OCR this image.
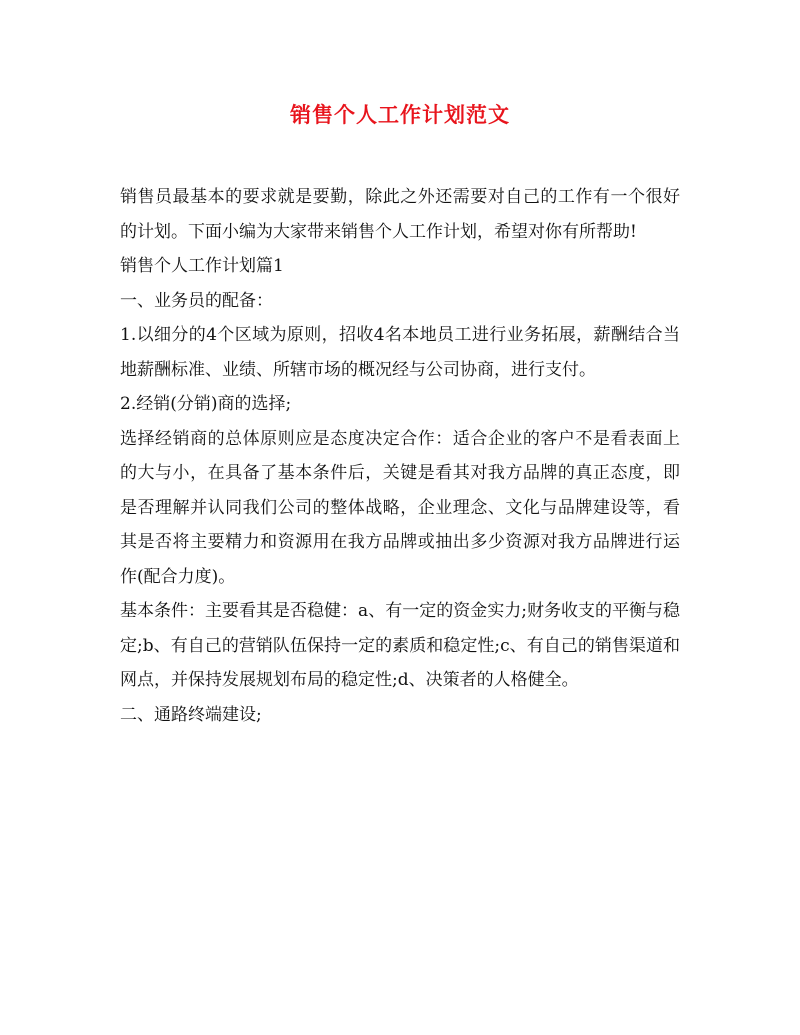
销售个人工作计划范文

销售员最基本的要求就是要勤，除此之外还需要对自己的工作有一个很好的计划。下面小编为大家带来销售个人工作计划，希望对你有所帮助!

销售个人工作计划篇1

一、业务员的配备：

1.以细分的4个区域为原则，招收4名本地员工进行业务拓展，薪酬结合当地薪酬标准、业绩、所辖市场的概况经与公司协商，进行支付。

2.经销(分销)商的选择;

选择经销商的总体原则应是态度决定合作：适合企业的客户不是看表面上的大与小，在具备了基本条件后，关键是看其对我方品牌的真正态度，即是否理解并认同我们公司的整体战略，企业理念、文化与品牌建设等，看其是否将主要精力和资源用在我方品牌或抽出多少资源对我方品牌进行运作(配合力度)。

基本条件：主要看其是否稳健：a、有一定的资金实力;财务收支的平衡与稳定;b、有自己的营销队伍保持一定的素质和稳定性;c、有自己的销售渠道和网点，并保持发展规划布局的稳定性;d、决策者的人格健全。

二、通路终端建设;
